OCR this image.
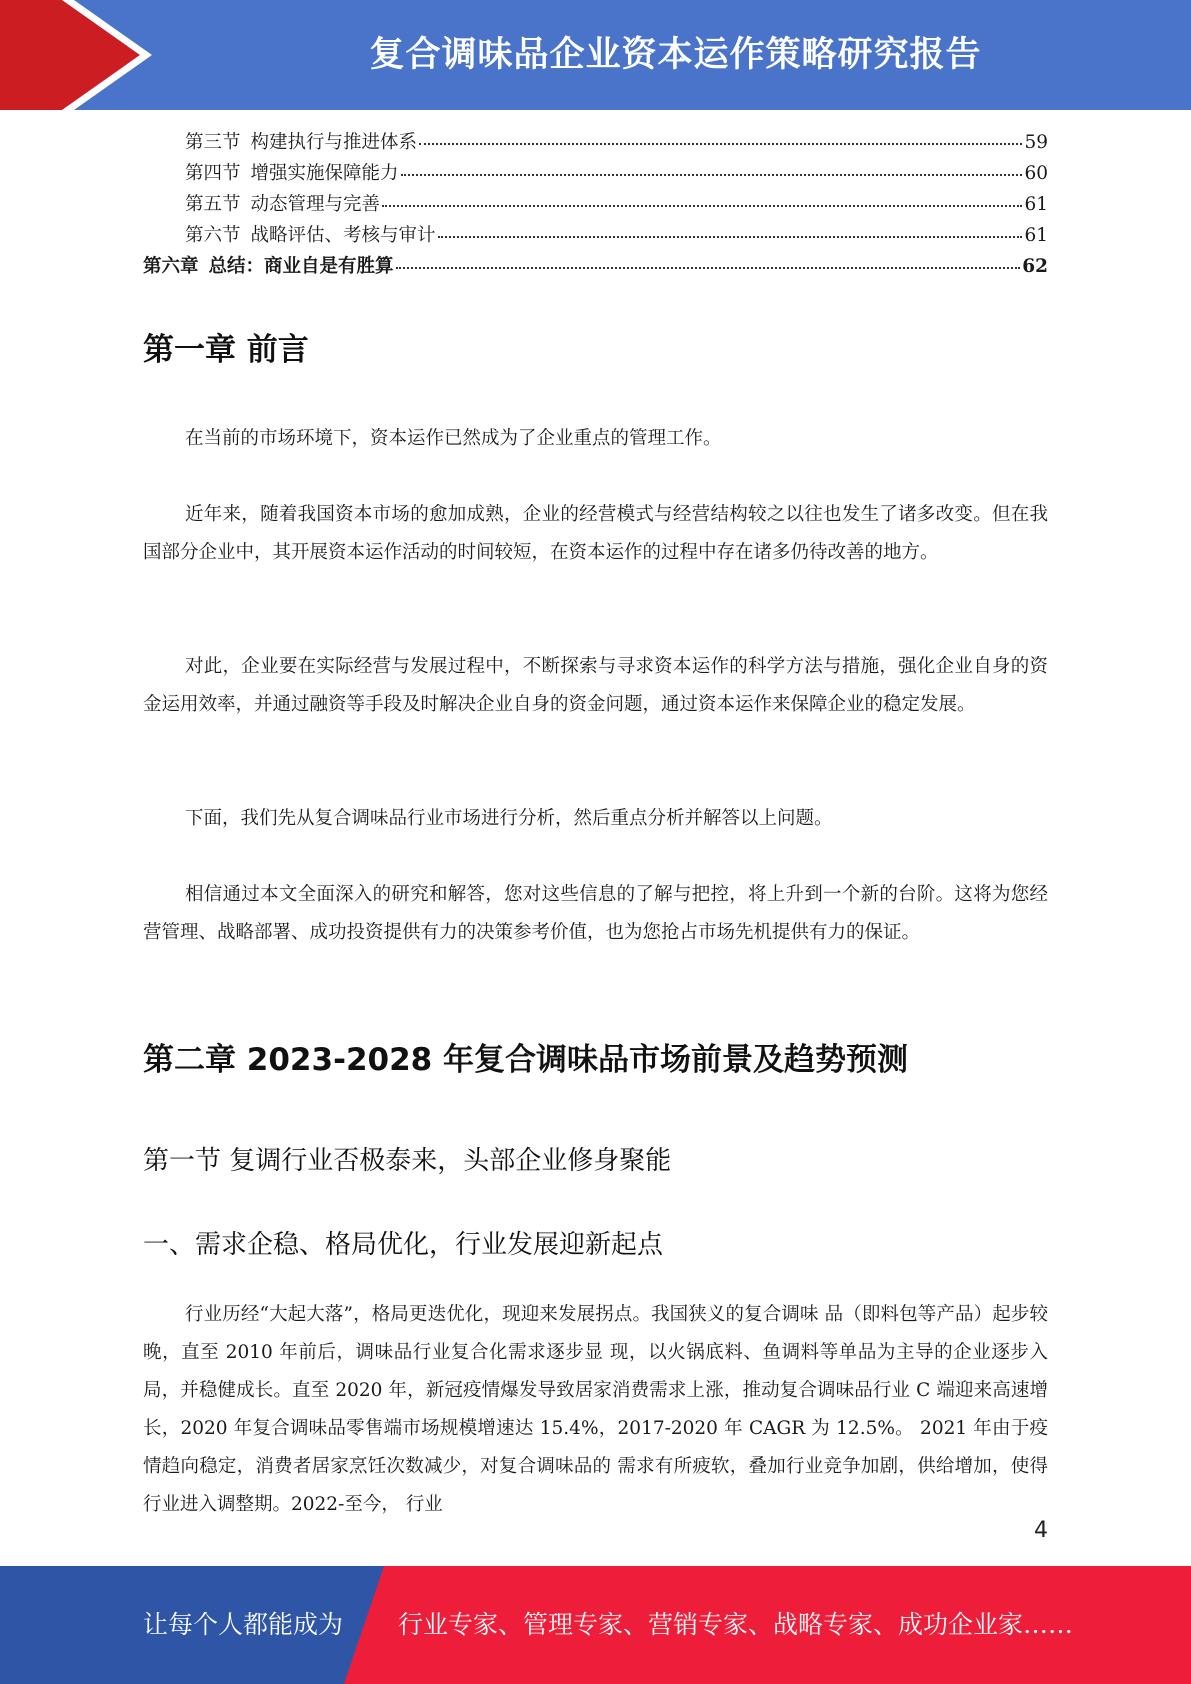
复合调味品企业资本运作策略研究报告
第三节 构建执行与推进体系	59
第四节 增强实施保障能力	60
第五节 动态管理与完善	61
第六节 战略评估、考核与审计	61
第六章 总结：商业自是有胜算	62
第一章 前言

在当前的市场环境下，资本运作已然成为了企业重点的管理工作。

近年来，随着我国资本市场的愈加成熟，企业的经营模式与经营结构较之以往也发生了诸多改变。但在我国部分企业中，其开展资本运作活动的时间较短，在资本运作的过程中存在诸多仍待改善的地方。

对此，企业要在实际经营与发展过程中，不断探索与寻求资本运作的科学方法与措施，强化企业自身的资金运用效率，并通过融资等手段及时解决企业自身的资金问题，通过资本运作来保障企业的稳定发展。

下面，我们先从复合调味品行业市场进行分析，然后重点分析并解答以上问题。

相信通过本文全面深入的研究和解答，您对这些信息的了解与把控，将上升到一个新的台阶。这将为您经营管理、战略部署、成功投资提供有力的决策参考价值，也为您抢占市场先机提供有力的保证。

第二章 2023-2028 年复合调味品市场前景及趋势预测
第一节 复调行业否极泰来，头部企业修身聚能
一、需求企稳、格局优化，行业发展迎新起点

行业历经“大起大落”，格局更迭优化，现迎来发展拐点。我国狭义的复合调味 品（即料包等产品）起步较晚，直至 2010 年前后，调味品行业复合化需求逐步显 现，以火锅底料、鱼调料等单品为主导的企业逐步入局，并稳健成长。直至 2020 年，新冠疫情爆发导致居家消费需求上涨，推动复合调味品行业 C 端迎来高速增 长，2020 年复合调味品零售端市场规模增速达 15.4%，2017-2020 年 CAGR 为 12.5%。 2021 年由于疫情趋向稳定，消费者居家烹饪次数减少，对复合调味品的 需求有所疲软，叠加行业竞争加剧，供给增加，使得行业进入调整期。2022-至今， 行业

4
让每个人都能成为 行业专家、管理专家、营销专家、战略专家、成功企业家……
